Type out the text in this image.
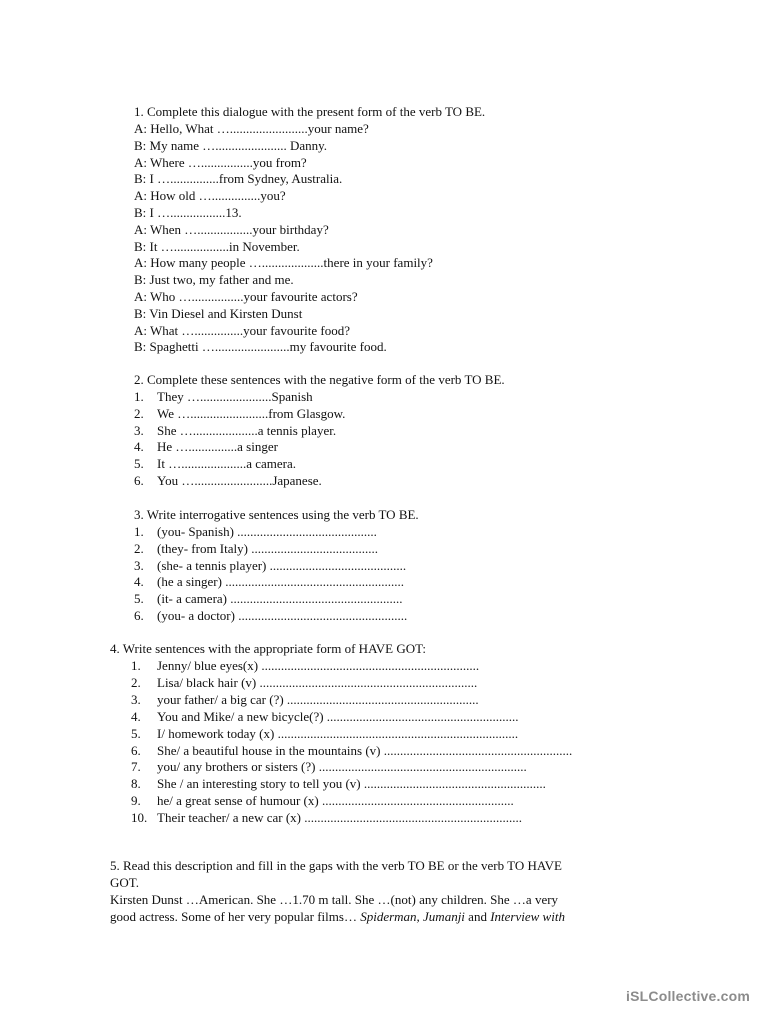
1. Complete this dialogue with the present form of the verb TO BE.
A: Hello, What …........................your name?
B: My name …...................... Danny.
A: Where …................you from?
B: I …...............from Sydney, Australia.
A: How old …...............you?
B: I ….................13.
A: When ….................your birthday?
B: It ….................in November.
A: How many people …...................there in your family?
B: Just two, my father and me.
A: Who …................your favourite actors?
B: Vin Diesel and Kirsten Dunst
A: What …...............your favourite food?
B: Spaghetti ….......................my favourite food.
2. Complete these sentences with the negative form of the verb TO BE.
1. They …......................Spanish
2. We …........................from Glasgow.
3. She …....................a tennis player.
4. He …...............a singer
5. It …....................a camera.
6. You …........................Japanese.
3. Write interrogative sentences using the verb TO BE.
1. (you- Spanish) ...........................................
2. (they- from Italy) .......................................
3. (she- a tennis player) ..........................................
4. (he a singer) .......................................................
5. (it- a camera) .....................................................
6. (you- a doctor) ....................................................
4. Write sentences with the appropriate form of HAVE GOT:
1. Jenny/ blue eyes(x) ...................................................................
2. Lisa/ black hair (v) ...................................................................
3. your father/ a big car (?) ...........................................................
4. You and Mike/ a new bicycle(?) ...........................................................
5. I/ homework today (x) ..........................................................................
6. She/ a beautiful house in the mountains (v) ..........................................................
7. you/ any brothers or sisters (?) ................................................................
8. She / an interesting story to tell you (v) ........................................................
9. he/ a great sense of humour (x) ...........................................................
10. Their teacher/ a new car (x) ...................................................................
5. Read this description and fill in the gaps with the verb TO BE or the verb TO HAVE
GOT.
Kirsten Dunst …American. She …1.70 m tall. She …(not) any children. She …a very
good actress. Some of her very popular films… Spiderman, Jumanji and Interview with
iSLCollective.com
